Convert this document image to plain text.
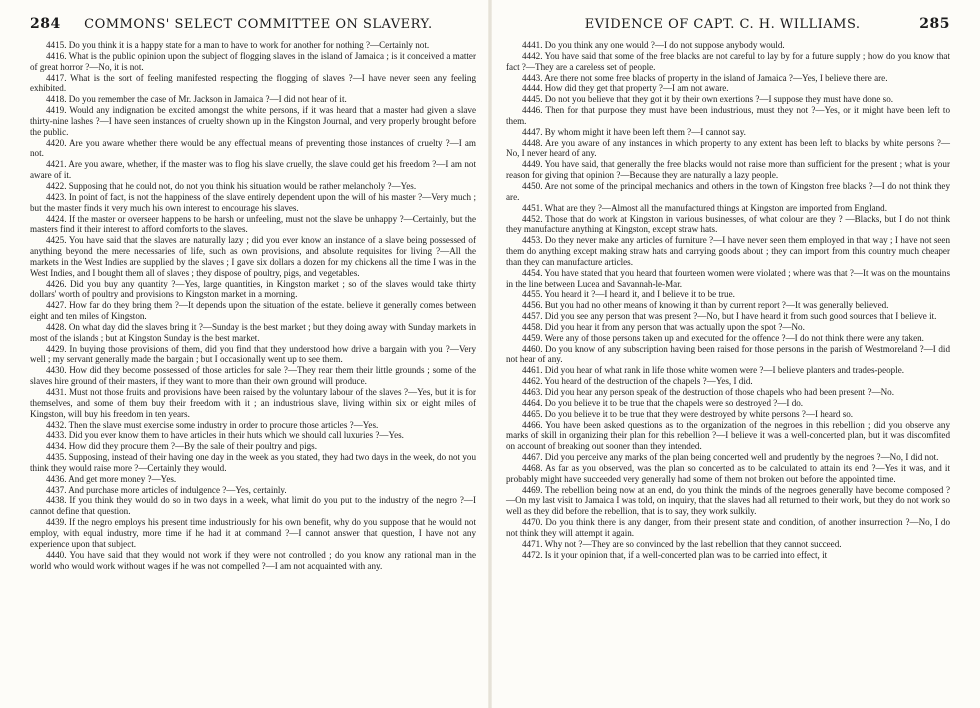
284 COMMONS' SELECT COMMITTEE ON SLAVERY.

4415. Do you think it is a happy state for a man to have to work for another for nothing ?—Certainly not.

4416. What is the public opinion upon the subject of flogging slaves in the island of Jamaica ; is it conceived a matter of great horror ?—No, it is not.

4417. What is the sort of feeling manifested respecting the flogging of slaves ?—I have never seen any feeling exhibited.

4418. Do you remember the case of Mr. Jackson in Jamaica ?—I did not hear of it.

4419. Would any indignation be excited amongst the white persons, if it was heard that a master had given a slave thirty-nine lashes ?—I have seen instances of cruelty shown up in the Kingston Journal, and very properly brought before the public.

4420. Are you aware whether there would be any effectual means of preventing those instances of cruelty ?—I am not.

4421. Are you aware, whether, if the master was to flog his slave cruelly, the slave could get his freedom ?—I am not aware of it.

4422. Supposing that he could not, do not you think his situation would be rather melancholy ?—Yes.

4423. In point of fact, is not the happiness of the slave entirely dependent upon the will of his master ?—Very much ; but the master finds it very much his own interest to encourage his slaves.

4424. If the master or overseer happens to be harsh or unfeeling, must not the slave be unhappy ?—Certainly, but the masters find it their interest to afford comforts to the slaves.

4425. You have said that the slaves are naturally lazy ; did you ever know an instance of a slave being possessed of anything beyond the mere necessaries of life, such as own provisions, and absolute requisites for living ?—All the markets in the West Indies are supplied by the slaves ; I gave six dollars a dozen for my chickens all the time I was in the West Indies, and I bought them all of slaves ; they dispose of poultry, pigs, and vegetables.

4426. Did you buy any quantity ?—Yes, large quantities, in Kingston market ; so of the slaves would take thirty dollars' worth of poultry and provisions to Kingston market in a morning.

4427. How far do they bring them ?—It depends upon the situation of the estate. believe it generally comes between eight and ten miles of Kingston.

4428. On what day did the slaves bring it ?—Sunday is the best market ; but they doing away with Sunday markets in most of the islands ; but at Kingston Sunday is the best market.

4429. In buying those provisions of them, did you find that they understood how drive a bargain with you ?—Very well ; my servant generally made the bargain ; but I occasionally went up to see them.

4430. How did they become possessed of those articles for sale ?—They rear them their little grounds ; some of the slaves hire ground of their masters, if they want to more than their own ground will produce.

4431. Must not those fruits and provisions have been raised by the voluntary labour of the slaves ?—Yes, but it is for themselves, and some of them buy their freedom with it ; an industrious slave, living within six or eight miles of Kingston, will buy his freedom in ten years.

4432. Then the slave must exercise some industry in order to procure those articles ?—Yes.

4433. Did you ever know them to have articles in their huts which we should call luxuries ?—Yes.

4434. How did they procure them ?—By the sale of their poultry and pigs.

4435. Supposing, instead of their having one day in the week as you stated, they had two days in the week, do not you think they would raise more ?—Certainly they would.

4436. And get more money ?—Yes.

4437. And purchase more articles of indulgence ?—Yes, certainly.

4438. If you think they would do so in two days in a week, what limit do you put to the industry of the negro ?—I cannot define that question.

4439. If the negro employs his present time industriously for his own benefit, why do you suppose that he would not employ, with equal industry, more time if he had it at command ?—I cannot answer that question, I have not any experience upon that subject.

4440. You have said that they would not work if they were not controlled ; do you know any rational man in the world who would work without wages if he was not compelled ?—I am not acquainted with any.

EVIDENCE OF CAPT. C. H. WILLIAMS.	285

4441. Do you think any one would ?—I do not suppose anybody would.

4442. You have said that some of the free blacks are not careful to lay by for a future supply ; how do you know that fact ?—They are a careless set of people.

4443. Are there not some free blacks of property in the island of Jamaica ?—Yes, I believe there are.

4444. How did they get that property ?—I am not aware.

4445. Do not you believe that they got it by their own exertions ?—I suppose they must have done so.

4446. Then for that purpose they must have been industrious, must they not ?—Yes, or it might have been left to them.

4447. By whom might it have been left them ?—I cannot say.

4448. Are you aware of any instances in which property to any extent has been left to blacks by white persons ?—No, I never heard of any.

4449. You have said, that generally the free blacks would not raise more than sufficient for the present ; what is your reason for giving that opinion ?—Because they are naturally a lazy people.

4450. Are not some of the principal mechanics and others in the town of Kingston free blacks ?—I do not think they are.

4451. What are they ?—Almost all the manufactured things at Kingston are imported from England.

4452. Those that do work at Kingston in various businesses, of what colour are they ? —Blacks, but I do not think they manufacture anything at Kingston, except straw hats.

4453. Do they never make any articles of furniture ?—I have never seen them employed in that way ; I have not seen them do anything except making straw hats and carrying goods about ; they can import from this country much cheaper than they can manufacture articles.

4454. You have stated that you heard that fourteen women were violated ; where was that ?—It was on the mountains in the line between Lucea and Savannah-le-Mar.

4455. You heard it ?—I heard it, and I believe it to be true.

4456. But you had no other means of knowing it than by current report ?—It was generally believed.

4457. Did you see any person that was present ?—No, but I have heard it from such good sources that I believe it.

4458. Did you hear it from any person that was actually upon the spot ?—No.

4459. Were any of those persons taken up and executed for the offence ?—I do not think there were any taken.

4460. Do you know of any subscription having been raised for those persons in the parish of Westmoreland ?—I did not hear of any.

4461. Did you hear of what rank in life those white women were ?—I believe planters and trades-people.

4462. You heard of the destruction of the chapels ?—Yes, I did.

4463. Did you hear any person speak of the destruction of those chapels who had been present ?—No.

4464. Do you believe it to be true that the chapels were so destroyed ?—I do.

4465. Do you believe it to be true that they were destroyed by white persons ?—I heard so.

4466. You have been asked questions as to the organization of the negroes in this rebellion ; did you observe any marks of skill in organizing their plan for this rebellion ?—I believe it was a well-concerted plan, but it was discomfited on account of breaking out sooner than they intended.

4467. Did you perceive any marks of the plan being concerted well and prudently by the negroes ?—No, I did not.

4468. As far as you observed, was the plan so concerted as to be calculated to attain its end ?—Yes it was, and it probably might have succeeded very generally had some of them not broken out before the appointed time.

4469. The rebellion being now at an end, do you think the minds of the negroes generally have become composed ?—On my last visit to Jamaica I was told, on inquiry, that the slaves had all returned to their work, but they do not work so well as they did before the rebellion, that is to say, they work sulkily.

4470. Do you think there is any danger, from their present state and condition, of another insurrection ?—No, I do not think they will attempt it again.

4471. Why not ?—They are so convinced by the last rebellion that they cannot succeed.

4472. Is it your opinion that, if a well-concerted plan was to be carried into effect, it
